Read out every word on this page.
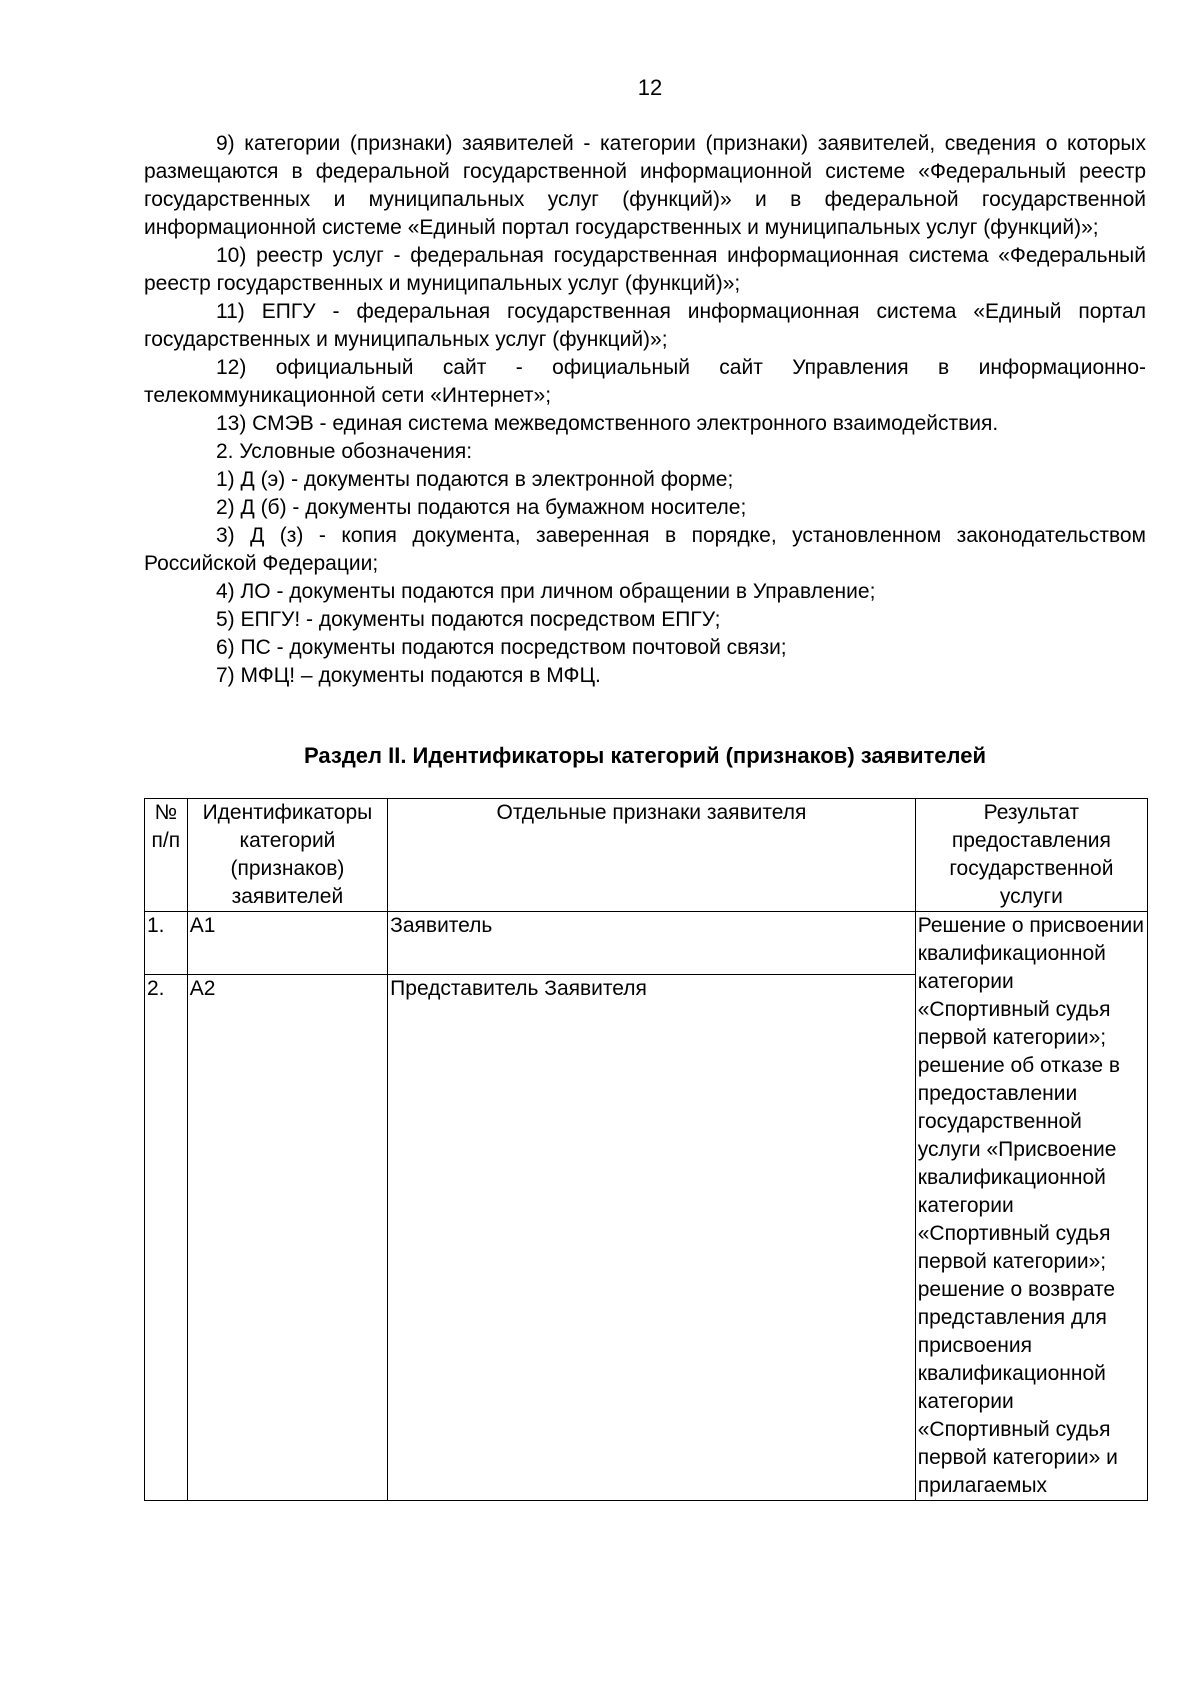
12

9) категории (признаки) заявителей - категории (признаки) заявителей, сведения о которых размещаются в федеральной государственной информационной системе «Федеральный реестр государственных и муниципальных услуг (функций)» и в федеральной государственной информационной системе «Единый портал государственных и муниципальных услуг (функций)»;

10) реестр услуг - федеральная государственная информационная система «Федеральный реестр государственных и муниципальных услуг (функций)»;

11) ЕПГУ - федеральная государственная информационная система «Единый портал государственных и муниципальных услуг (функций)»;

12) официальный сайт - официальный сайт Управления в информационно-телекоммуникационной сети «Интернет»;

13) СМЭВ - единая система межведомственного электронного взаимодействия.

2. Условные обозначения:

1) Д (э) - документы подаются в электронной форме;

2) Д (б) - документы подаются на бумажном носителе;

3) Д (з) - копия документа, заверенная в порядке, установленном законодательством Российской Федерации;

4) ЛО - документы подаются при личном обращении в Управление;

5) ЕПГУ! - документы подаются посредством ЕПГУ;

6) ПС - документы подаются посредством почтовой связи;

7) МФЦ! – документы подаются в МФЦ.

Раздел II. Идентификаторы категорий (признаков) заявителей
№ п/п	Идентификаторы категорий (признаков) заявителей	Отдельные признаки заявителя	Результат предоставления государственной услуги
1.	А1	Заявитель	Решение о присвоении квалификационной категории «Спортивный судья первой категории»; решение об отказе в предоставлении государственной услуги «Присвоение квалификационной категории «Спортивный судья первой категории»; решение о возврате представления для присвоения квалификационной категории «Спортивный судья первой категории» и прилагаемых
2.	А2	Представитель Заявителя	
